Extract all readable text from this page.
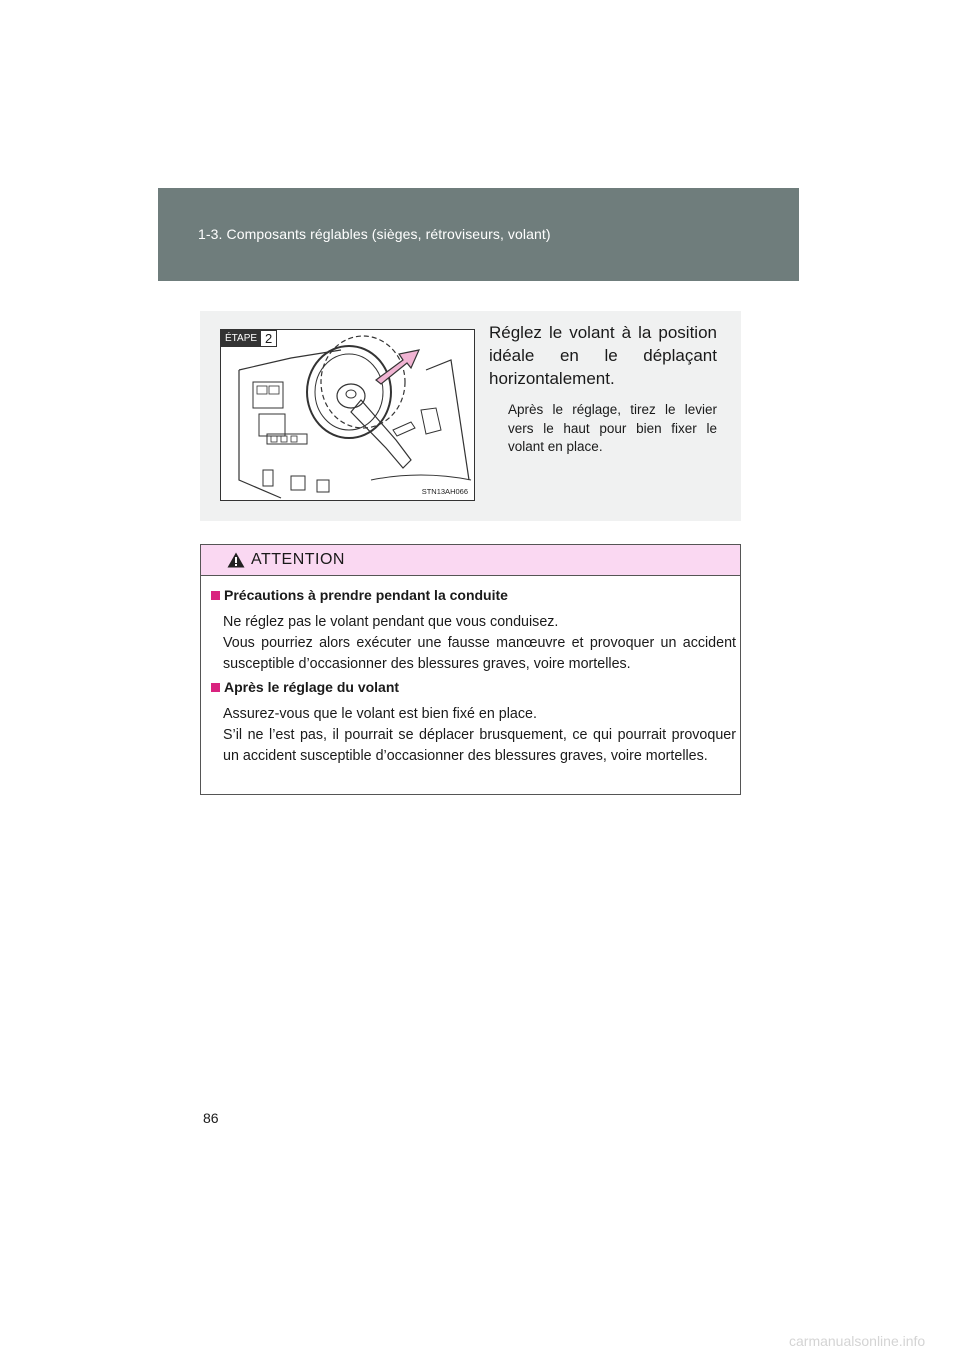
1-3. Composants réglables (sièges, rétroviseurs, volant)
ÉTAPE 2
STN13AH066
Réglez le volant à la position idéale en le déplaçant horizontalement.
Après le réglage, tirez le levier vers le haut pour bien fixer le volant en place.
ATTENTION
Précautions à prendre pendant la conduite

Ne réglez pas le volant pendant que vous conduisez.

Vous pourriez alors exécuter une fausse manœuvre et provoquer un accident susceptible d’occasionner des blessures graves, voire mortelles.

Après le réglage du volant

Assurez-vous que le volant est bien fixé en place.

S’il ne l’est pas, il pourrait se déplacer brusquement, ce qui pourrait provoquer un accident susceptible d’occasionner des blessures graves, voire mortelles.

86
carmanualsonline.info
